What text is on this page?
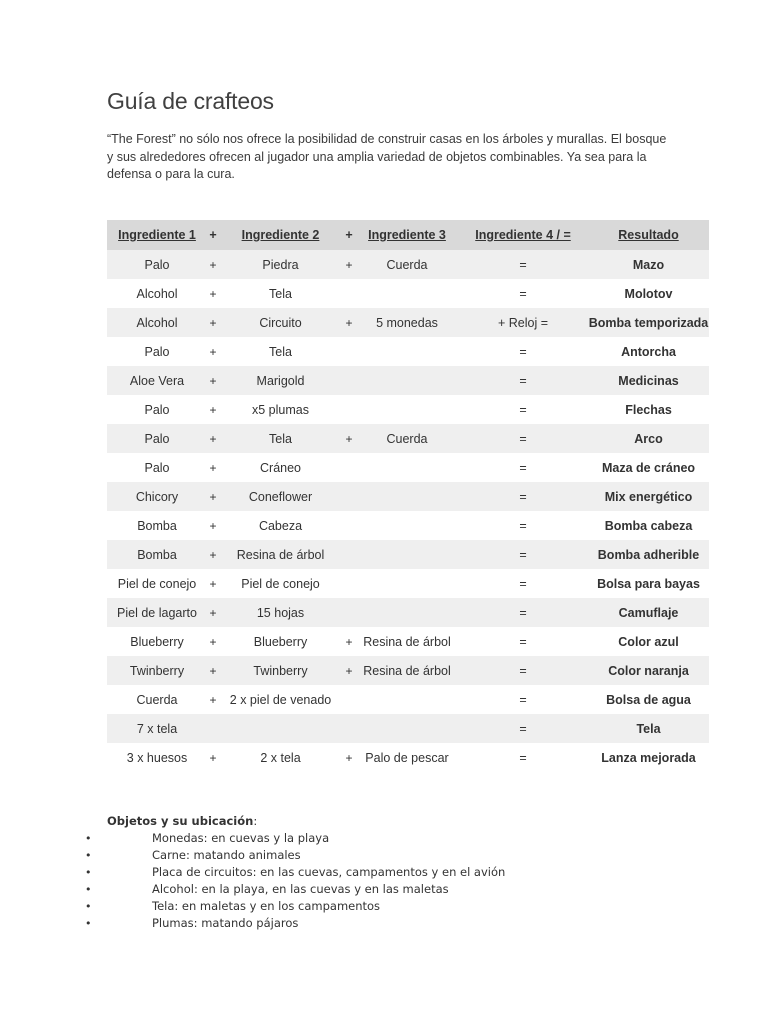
Guía de crafteos

“The Forest” no sólo nos ofrece la posibilidad de construir casas en los árboles y murallas. El bosque y sus alrededores ofrecen al jugador una amplia variedad de objetos combinables. Ya sea para la defensa o para la cura.

Ingrediente 1	+	Ingrediente 2	+	Ingrediente 3	Ingrediente 4 / =	Resultado
Palo	+	Piedra	+	Cuerda	=	Mazo
Alcohol	+	Tela			=	Molotov
Alcohol	+	Circuito	+	5 monedas	+ Reloj =	Bomba temporizada
Palo	+	Tela			=	Antorcha
Aloe Vera	+	Marigold			=	Medicinas
Palo	+	x5 plumas			=	Flechas
Palo	+	Tela	+	Cuerda	=	Arco
Palo	+	Cráneo			=	Maza de cráneo
Chicory	+	Coneflower			=	Mix energético
Bomba	+	Cabeza			=	Bomba cabeza
Bomba	+	Resina de árbol			=	Bomba adherible
Piel de conejo	+	Piel de conejo			=	Bolsa para bayas
Piel de lagarto	+	15 hojas			=	Camuflaje
Blueberry	+	Blueberry	+	Resina de árbol	=	Color azul
Twinberry	+	Twinberry	+	Resina de árbol	=	Color naranja
Cuerda	+	2 x piel de venado			=	Bolsa de agua
7 x tela					=	Tela
3 x huesos	+	2 x tela	+	Palo de pescar	=	Lanza mejorada

Objetos y su ubicación:

•	Monedas: en cuevas y la playa
•	Carne: matando animales
•	Placa de circuitos: en las cuevas, campamentos y en el avión
•	Alcohol: en la playa, en las cuevas y en las maletas
•	Tela: en maletas y en los campamentos
•	Plumas: matando pájaros
